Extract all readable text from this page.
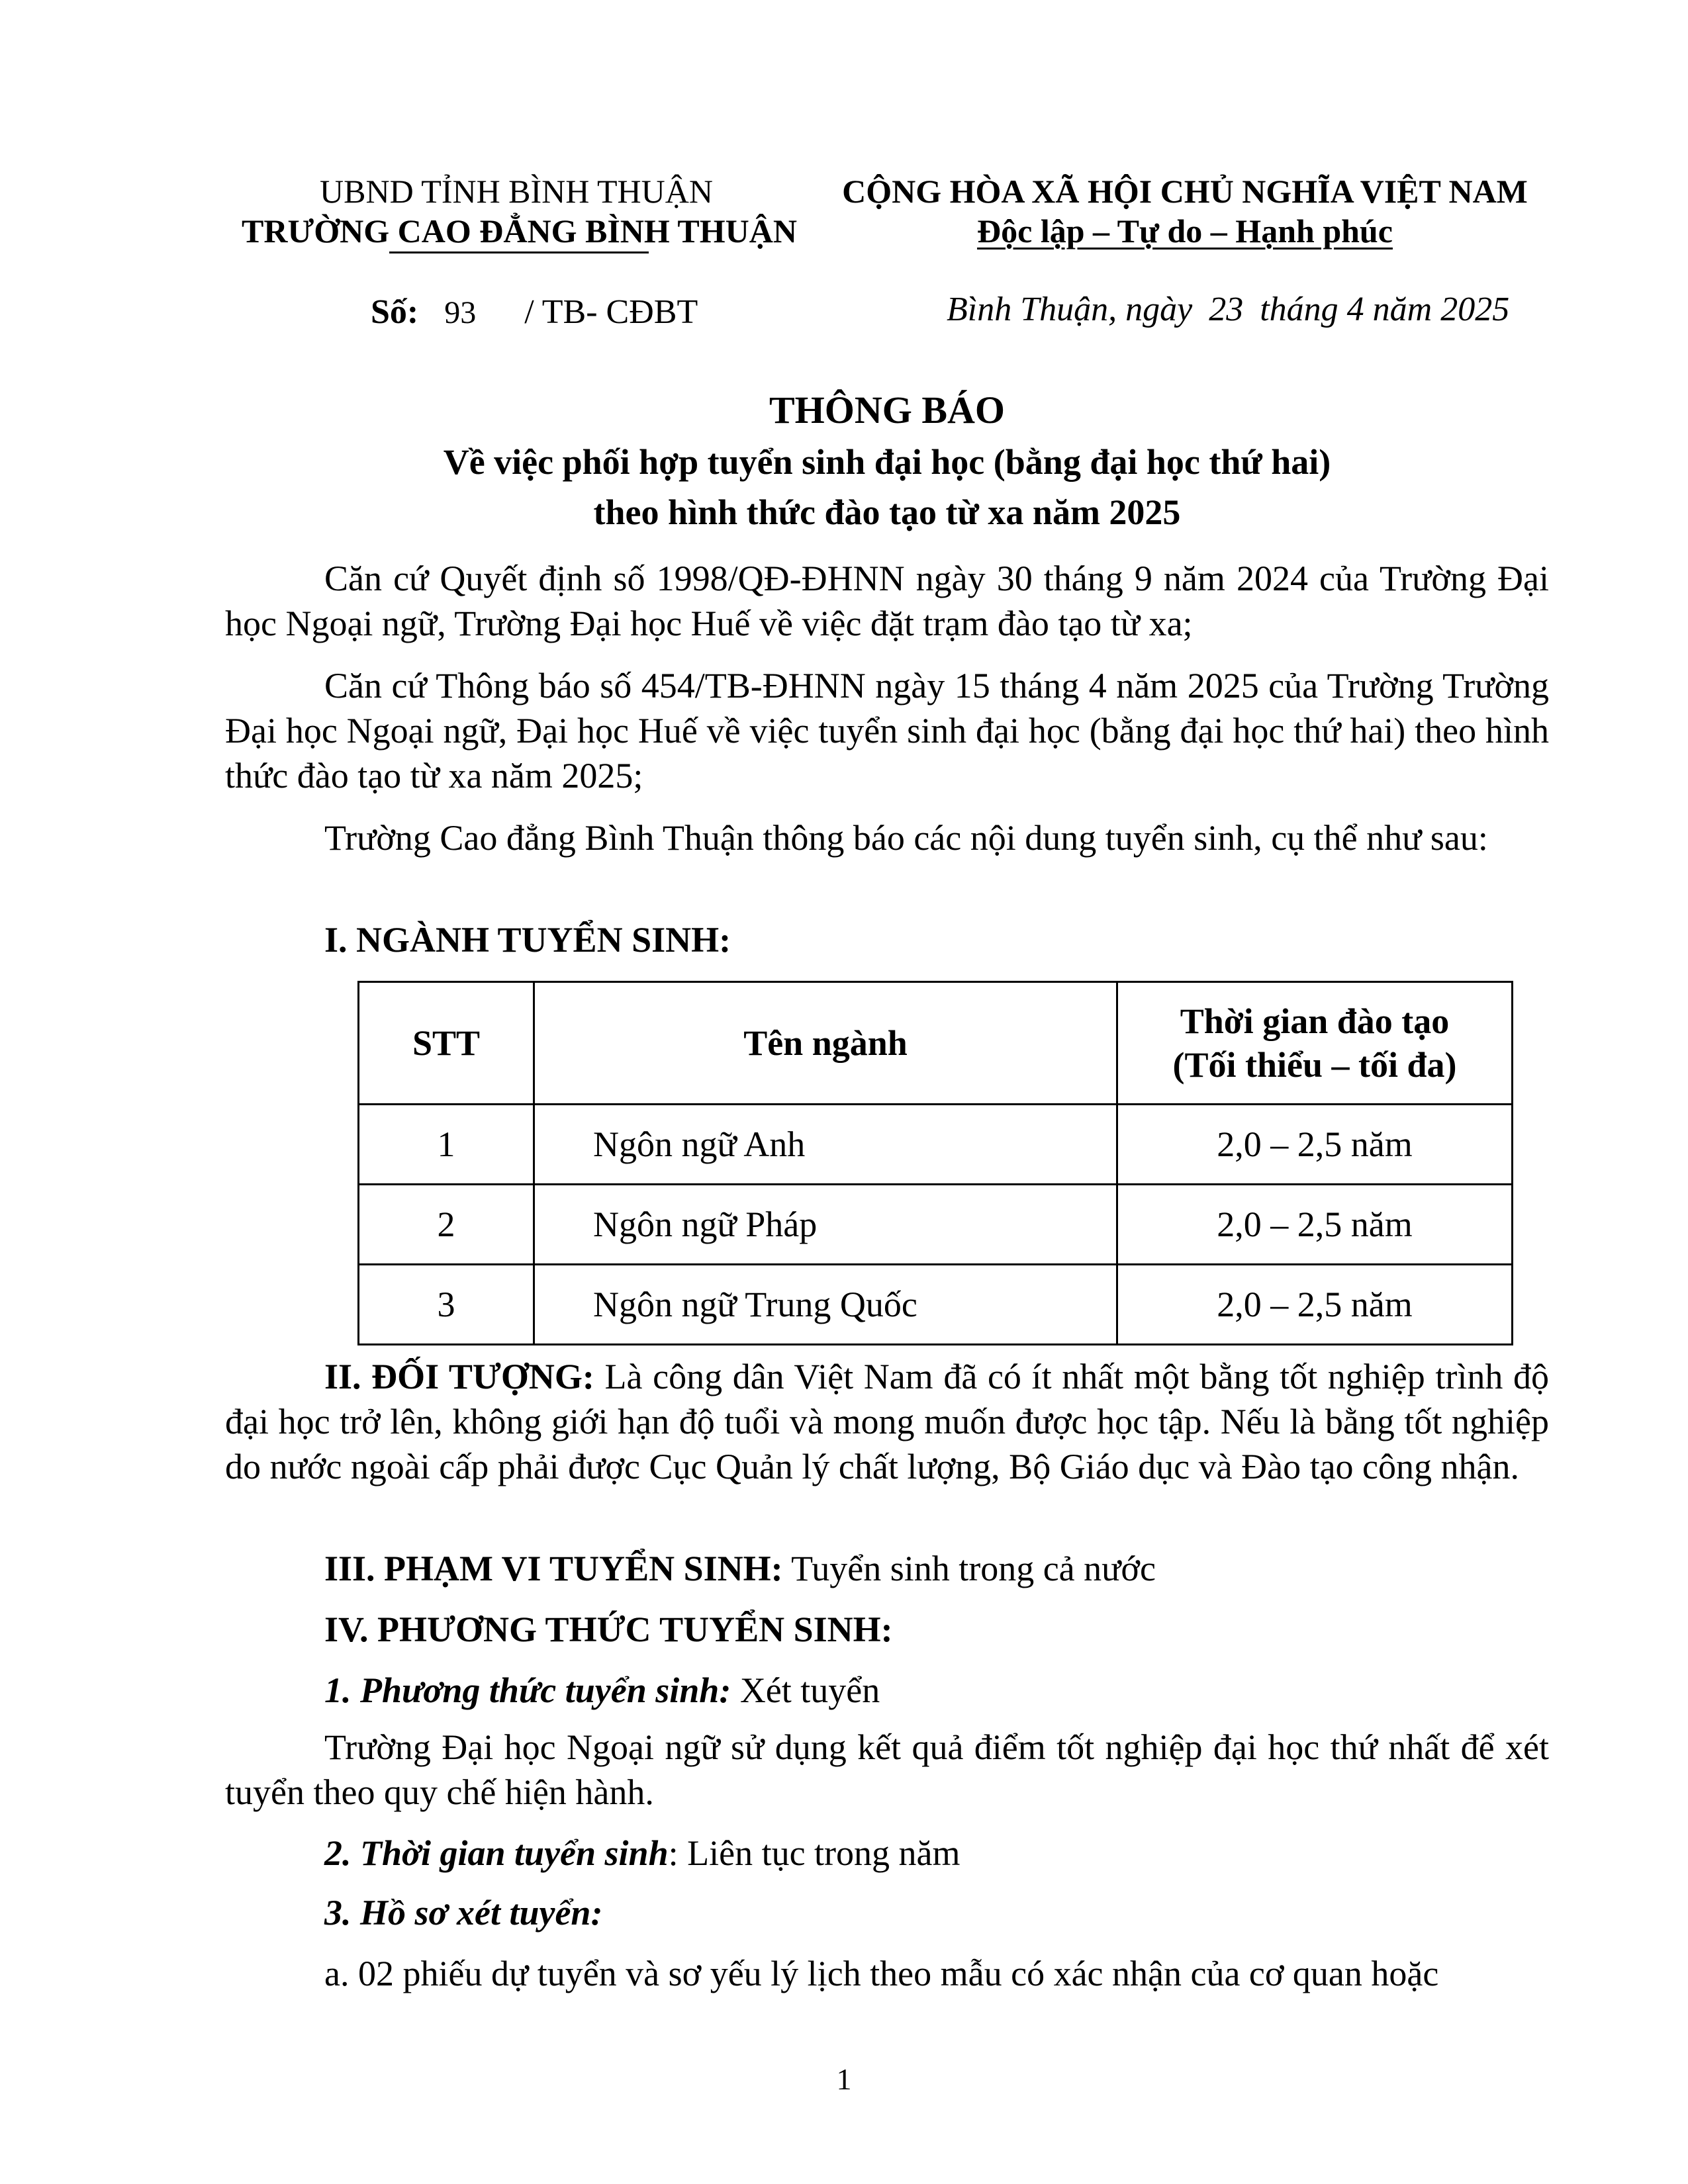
UBND TỈNH BÌNH THUẬN
TRƯỜNG CAO ĐẲNG BÌNH THUẬN
CỘNG HÒA XÃ HỘI CHỦ NGHĨA VIỆT NAM
Độc lập – Tự do – Hạnh phúc
Số: 93 / TB- CĐBT	Bình Thuận, ngày 23 tháng 4 năm 2025
THÔNG BÁO
Về việc phối hợp tuyển sinh đại học (bằng đại học thứ hai)
theo hình thức đào tạo từ xa năm 2025
Căn cứ Quyết định số 1998/QĐ-ĐHNN ngày 30 tháng 9 năm 2024 của Trường Đại học Ngoại ngữ, Trường Đại học Huế về việc đặt trạm đào tạo từ xa;
Căn cứ Thông báo số 454/TB-ĐHNN ngày 15 tháng 4 năm 2025 của Trường Trường Đại học Ngoại ngữ, Đại học Huế về việc tuyển sinh đại học (bằng đại học thứ hai) theo hình thức đào tạo từ xa năm 2025;
Trường Cao đẳng Bình Thuận thông báo các nội dung tuyển sinh, cụ thể như sau:
I. NGÀNH TUYỂN SINH:
STT	Tên ngành	Thời gian đào tạo
(Tối thiểu – tối đa)

1	Ngôn ngữ Anh	2,0 – 2,5 năm
2	Ngôn ngữ Pháp	2,0 – 2,5 năm
3	Ngôn ngữ Trung Quốc	2,0 – 2,5 năm
II. ĐỐI TƯỢNG: Là công dân Việt Nam đã có ít nhất một bằng tốt nghiệp trình độ đại học trở lên, không giới hạn độ tuổi và mong muốn được học tập. Nếu là bằng tốt nghiệp do nước ngoài cấp phải được Cục Quản lý chất lượng, Bộ Giáo dục và Đào tạo công nhận.
III. PHẠM VI TUYỂN SINH: Tuyển sinh trong cả nước
IV. PHƯƠNG THỨC TUYỂN SINH:
1. Phương thức tuyển sinh: Xét tuyển
Trường Đại học Ngoại ngữ sử dụng kết quả điểm tốt nghiệp đại học thứ nhất để xét tuyển theo quy chế hiện hành.
2. Thời gian tuyển sinh: Liên tục trong năm
3. Hồ sơ xét tuyển:
a. 02 phiếu dự tuyển và sơ yếu lý lịch theo mẫu có xác nhận của cơ quan hoặc
1
